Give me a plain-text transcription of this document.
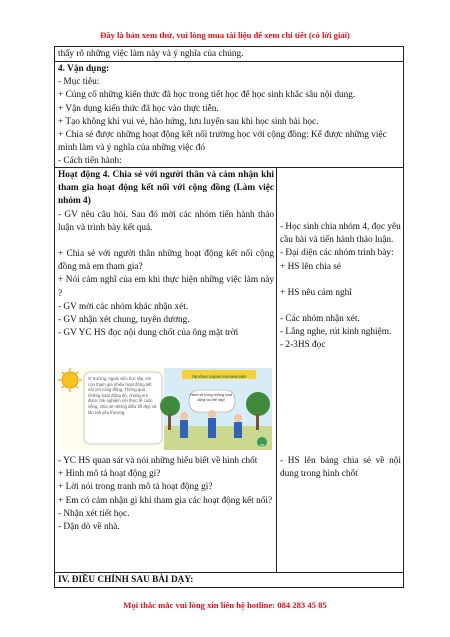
Đây là bản xem thử, vui lòng mua tài liệu để xem chi tiết (có lời giải)
thấy rõ những việc làm này và ý nghĩa của chúng.

4. Vận dụng:

- Mục tiêu:

+ Củng cố những kiến thức đã học trong tiết học để học sinh khắc sâu nội dung.

+ Vận dụng kiến thức đã học vào thực tiễn.

+ Tạo không khí vui vẻ, hào hứng, lưu luyến sau khi học sinh bài học.

+ Chia sẻ được những hoạt động kết nối trường học với cộng đồng: Kể được những việc mình làm và ý nghĩa của những việc đó

- Cách tiến hành:

Hoạt động 4. Chia sẻ với người thân và cảm nhận khi tham gia hoạt động kết nối với cộng đồng (Làm việc nhóm 4)

- GV nêu câu hỏi. Sau đó mời các nhóm tiến hành thảo luận và trình bày kết quả.

+ Chia sẻ với người thân những hoạt động kết nối cộng đồng mà em tham gia?

+ Nói cảm nghĩ của em khi thực hiện những việc làm này ?

- GV mời các nhóm khác nhận xét.

- GV nhận xét chung, tuyên dương.

- GV YC HS đọc nội dung chốt của ông mặt trời

- Học sinh chia nhóm 4, đọc yêu cầu bài và tiến hành thảo luận.

- Đại diện các nhóm trình bày:

+ HS lên chia sẻ

+ HS nêu cảm nghĩ

- Các nhóm nhận xét.

- Lắng nghe, rút kinh nghiệm.

- 2-3HS đọc

Ở trường, ngoài việc học tập, em còn tham gia nhiều hoạt động kết nối với cộng đồng. Thông qua những hoạt động đó, chúng em được trải nghiệm với thực tế cuộc sống, chia sẻ những điều tốt đẹp và lan toả yêu thương.
TRƯỜNG CHÚNG EM NHÌN ĐẸP
Hành vệ trong những hoạt động vui thể này!
25

- YC HS quan sát và nói những hiểu biết về hình chốt

+ Hình mô tả hoạt động gì?

+ Lời nói trong tranh mô tả hoạt động gì?

+ Em có cảm nhận gì khi tham gia các hoạt động kết nối?

- Nhận xét tiết học.

- Dặn dò về nhà.

- HS lên bảng chia sẻ về nội dung trong hình chốt

IV. ĐIỀU CHỈNH SAU BÀI DẠY:
Mọi thắc mắc vui lòng xin liên hệ hotline: 084 283 45 85
